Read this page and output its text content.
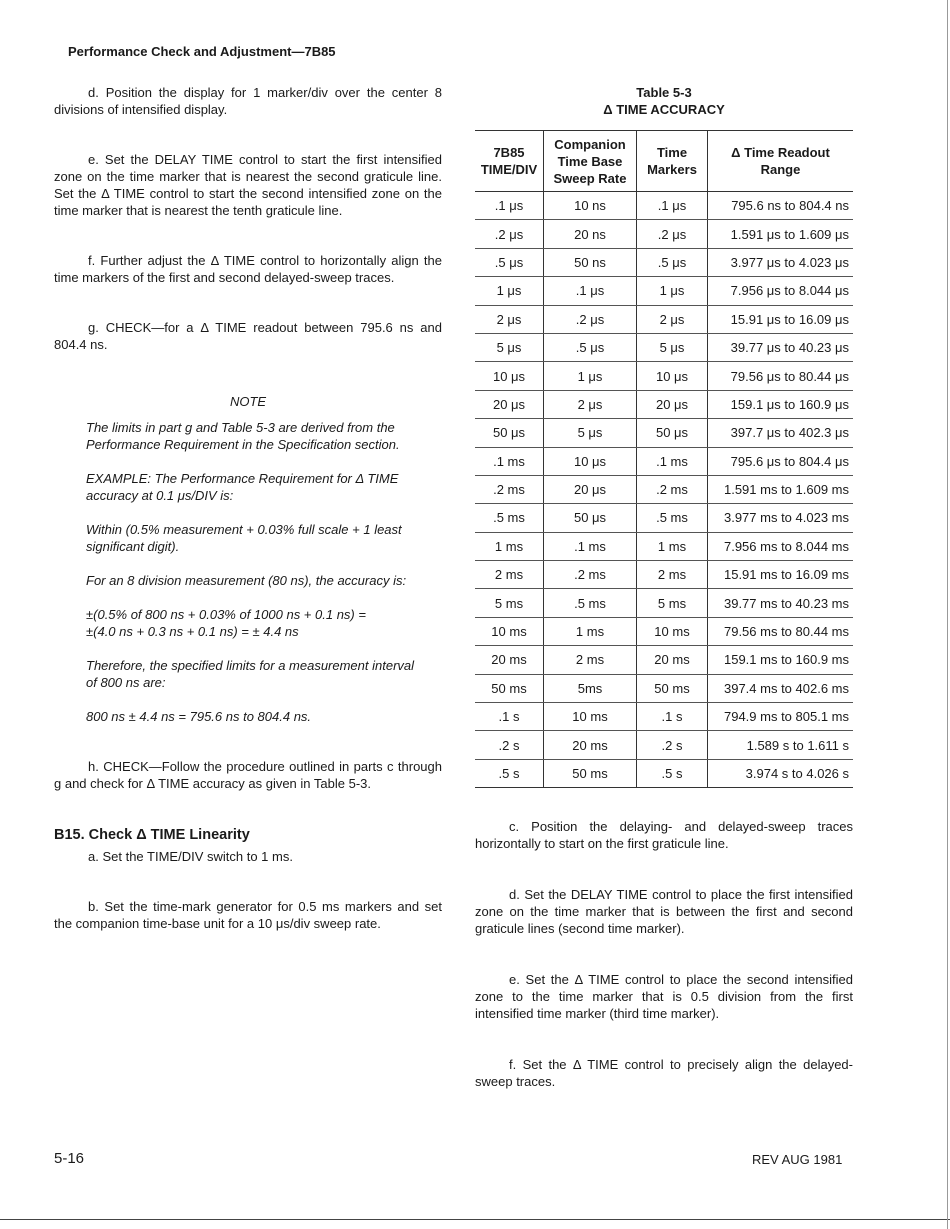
Performance Check and Adjustment—7B85

d. Position the display for 1 marker/div over the center 8 divisions of intensified display.

e. Set the DELAY TIME control to start the first intensified zone on the time marker that is nearest the second graticule line. Set the Δ TIME control to start the second intensified zone on the time marker that is nearest the tenth graticule line.

f. Further adjust the Δ TIME control to horizontally align the time markers of the first and second delayed-sweep traces.

g. CHECK—for a Δ TIME readout between 795.6 ns and 804.4 ns.

NOTE

The limits in part g and Table 5-3 are derived from the Performance Requirement in the Specification section.

EXAMPLE: The Performance Requirement for Δ TIME accuracy at 0.1 μs/DIV is:

Within (0.5% measurement + 0.03% full scale + 1 least significant digit).

For an 8 division measurement (80 ns), the accuracy is:

±(0.5% of 800 ns + 0.03% of 1000 ns + 0.1 ns) =

±(4.0 ns + 0.3 ns + 0.1 ns) = ± 4.4 ns

Therefore, the specified limits for a measurement interval of 800 ns are:

800 ns ± 4.4 ns = 795.6 ns to 804.4 ns.

h. CHECK—Follow the procedure outlined in parts c through g and check for Δ TIME accuracy as given in Table 5-3.

B15. Check Δ TIME Linearity

a. Set the TIME/DIV switch to 1 ms.

b. Set the time-mark generator for 0.5 ms markers and set the companion time-base unit for a 10 μs/div sweep rate.

Table 5-3
Δ TIME ACCURACY
7B85
TIME/DIV	Companion
Time Base
Sweep Rate	Time
Markers	Δ Time Readout
Range
.1 μs	10 ns	.1 μs	795.6 ns to 804.4 ns
.2 μs	20 ns	.2 μs	1.591 μs to 1.609 μs
.5 μs	50 ns	.5 μs	3.977 μs to 4.023 μs
1 μs	.1 μs	1 μs	7.956 μs to 8.044 μs
2 μs	.2 μs	2 μs	15.91 μs to 16.09 μs
5 μs	.5 μs	5 μs	39.77 μs to 40.23 μs
10 μs	1 μs	10 μs	79.56 μs to 80.44 μs
20 μs	2 μs	20 μs	159.1 μs to 160.9 μs
50 μs	5 μs	50 μs	397.7 μs to 402.3 μs
.1 ms	10 μs	.1 ms	795.6 μs to 804.4 μs
.2 ms	20 μs	.2 ms	1.591 ms to 1.609 ms
.5 ms	50 μs	.5 ms	3.977 ms to 4.023 ms
1 ms	.1 ms	1 ms	7.956 ms to 8.044 ms
2 ms	.2 ms	2 ms	15.91 ms to 16.09 ms
5 ms	.5 ms	5 ms	39.77 ms to 40.23 ms
10 ms	1 ms	10 ms	79.56 ms to 80.44 ms
20 ms	2 ms	20 ms	159.1 ms to 160.9 ms
50 ms	5ms	50 ms	397.4 ms to 402.6 ms
.1 s	10 ms	.1 s	794.9 ms to 805.1 ms
.2 s	20 ms	.2 s	1.589 s to 1.611 s
.5 s	50 ms	.5 s	3.974 s to 4.026 s

c. Position the delaying- and delayed-sweep traces horizontally to start on the first graticule line.

d. Set the DELAY TIME control to place the first intensified zone on the time marker that is between the first and second graticule lines (second time marker).

e. Set the Δ TIME control to place the second intensified zone to the time marker that is 0.5 division from the first intensified time marker (third time marker).

f. Set the Δ TIME control to precisely align the delayed-sweep traces.

5-16	REV AUG 1981
